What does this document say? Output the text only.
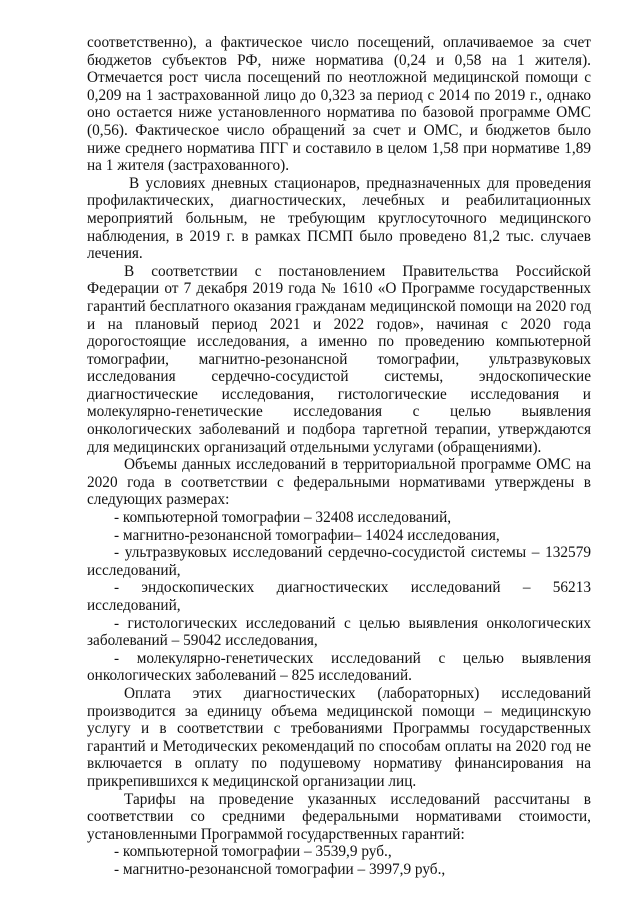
соответственно), а фактическое число посещений, оплачиваемое за счет бюджетов субъектов РФ, ниже норматива (0,24 и 0,58 на 1 жителя). Отмечается рост числа посещений по неотложной медицинской помощи с 0,209 на 1 застрахованной лицо до 0,323 за период с 2014 по 2019 г., однако оно остается ниже установленного норматива по базовой программе ОМС (0,56). Фактическое число обращений за счет и ОМС, и бюджетов было ниже среднего норматива ПГГ и составило в целом 1,58 при нормативе 1,89 на 1 жителя (застрахованного).

В условиях дневных стационаров, предназначенных для проведения профилактических, диагностических, лечебных и реабилитационных мероприятий больным, не требующим круглосуточного медицинского наблюдения, в 2019 г. в рамках ПСМП было проведено 81,2 тыс. случаев лечения.

В соответствии с постановлением Правительства Российской Федерации от 7 декабря 2019 года № 1610 «О Программе государственных гарантий бесплатного оказания гражданам медицинской помощи на 2020 год и на плановый период 2021 и 2022 годов», начиная с 2020 года дорогостоящие исследования, а именно по проведению компьютерной томографии, магнитно-резонансной томографии, ультразвуковых исследования сердечно-сосудистой системы, эндоскопические диагностические исследования, гистологические исследования и молекулярно-генетические исследования с целью выявления онкологических заболеваний и подбора таргетной терапии, утверждаются для медицинских организаций отдельными услугами (обращениями).

Объемы данных исследований в территориальной программе ОМС на 2020 года в соответствии с федеральными нормативами утверждены в следующих размерах:

- компьютерной томографии – 32408 исследований,

- магнитно-резонансной томографии– 14024 исследования,

- ультразвуковых исследований сердечно-сосудистой системы – 132579 исследований,

- эндоскопических диагностических исследований – 56213 исследований,

- гистологических исследований с целью выявления онкологических заболеваний – 59042 исследования,

- молекулярно-генетических исследований с целью выявления онкологических заболеваний – 825 исследований.

Оплата этих диагностических (лабораторных) исследований производится за единицу объема медицинской помощи – медицинскую услугу и в соответствии с требованиями Программы государственных гарантий и Методических рекомендаций по способам оплаты на 2020 год не включается в оплату по подушевому нормативу финансирования на прикрепившихся к медицинской организации лиц.

Тарифы на проведение указанных исследований рассчитаны в соответствии со средними федеральными нормативами стоимости, установленными Программой государственных гарантий:

- компьютерной томографии – 3539,9 руб.,

- магнитно-резонансной томографии – 3997,9 руб.,
